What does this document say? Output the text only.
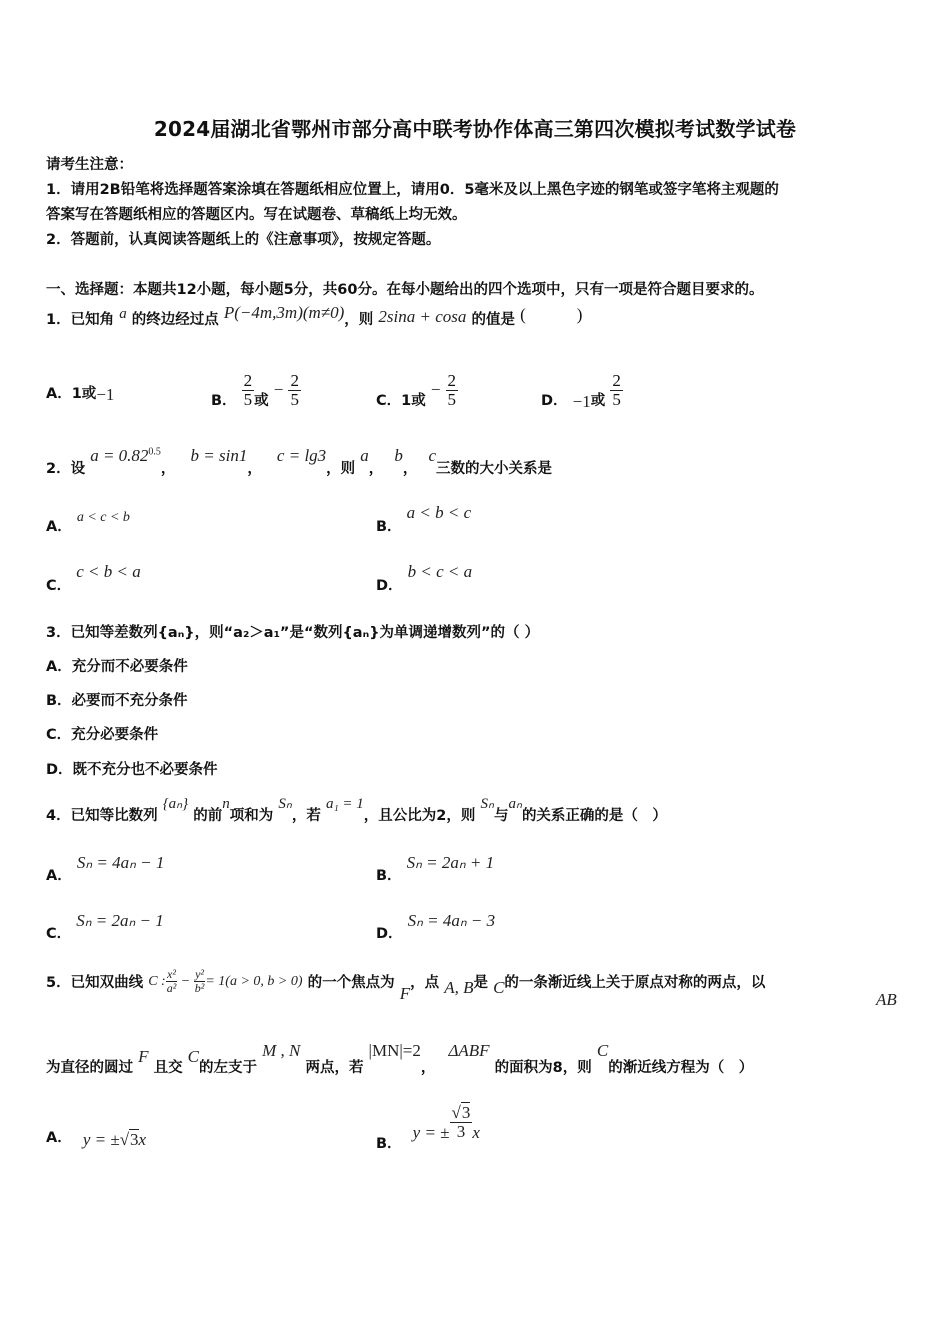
2024届湖北省鄂州市部分高中联考协作体高三第四次模拟考试数学试卷
请考生注意：
1．请用2B铅笔将选择题答案涂填在答题纸相应位置上，请用0．5毫米及以上黑色字迹的钢笔或签字笔将主观题的
答案写在答题纸相应的答题区内。写在试题卷、草稿纸上均无效。
2．答题前，认真阅读答题纸上的《注意事项》，按规定答题。
一、选择题：本题共12小题，每小题5分，共60分。在每小题给出的四个选项中，只有一项是符合题目要求的。
1．已知角 a 的终边经过点 P(−4m,3m)(m≠0)，则 2sina + cosa 的值是 (　　　)
A．1或−1	B． $\frac{2}{5}$ 或 − $\frac{2}{5}$	C．1或 − $\frac{2}{5}$	D． −1或 $\frac{2}{5}$
2．设 $a = 0.82^{0.5}$， b = sin1， c = lg3，则 a， b， c三数的大小关系是
A． a < c < b
B． a < b < c
C． c < b < a
D． b < c < a
3．已知等差数列{aₙ}，则“a₂＞a₁”是“数列{aₙ}为单调递增数列”的（ ）
A．充分而不必要条件
B．必要而不充分条件
C．充分必要条件
D．既不充分也不必要条件
4．已知等比数列 {aₙ} 的前n项和为 Sₙ，若 a₁ = 1，且公比为2，则 Sₙ与aₙ的关系正确的是（　）
A． Sₙ = 4aₙ − 1
B． Sₙ = 2aₙ + 1
C． Sₙ = 2aₙ − 1
D． Sₙ = 4aₙ − 3
5．已知双曲线 C : $\frac{\text{x²}}{\text{a²}} - \frac{\text{y²}}{\text{b²}} = 1(a > 0$, b > 0) 的一个焦点为 F，点 A, B是 C的一条渐近线上关于原点对称的两点，以
AB
为直径的圆过 F 且交 C的左支于 M , N 两点，若 |MN|=2， ΔABF 的面积为8，则 C的渐近线方程为（　）
A． y = ±√3x	B． y = ± $\frac{√3}{3}$ x
